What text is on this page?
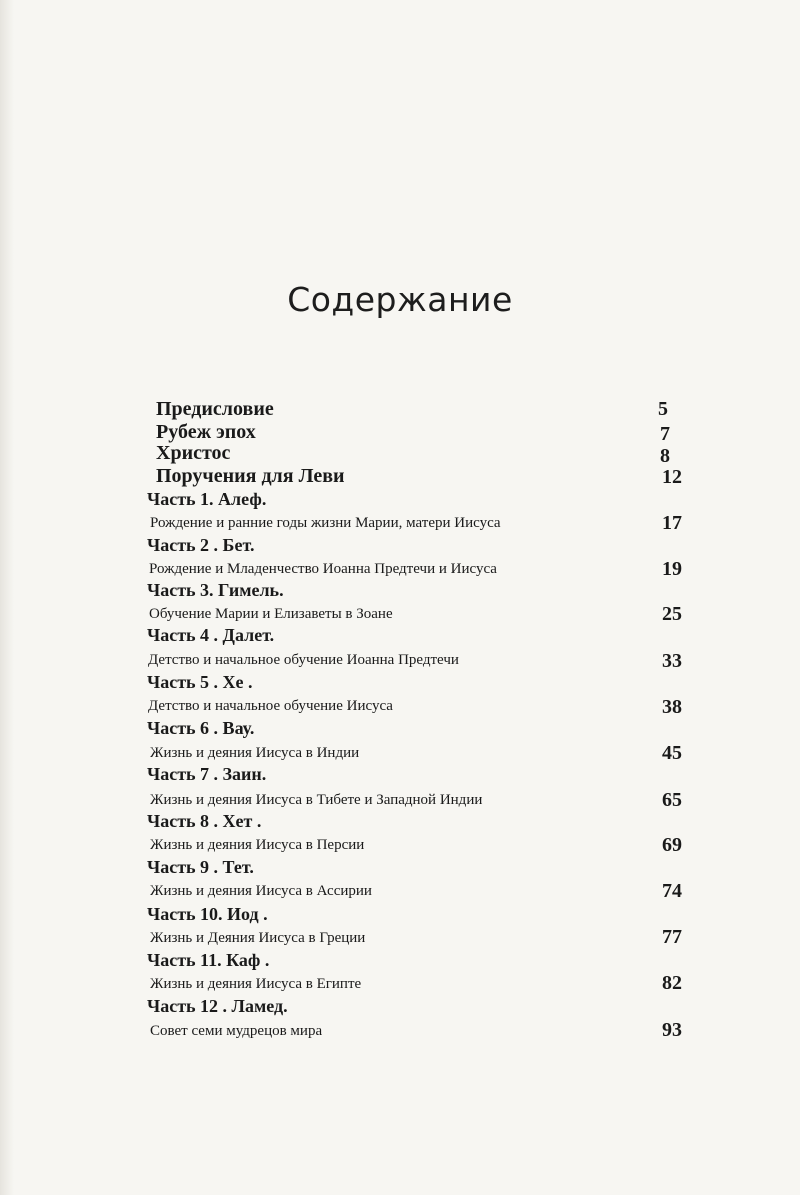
Содержание
Предисловие	5
Рубеж эпох	7
Христос	8
Поручения для Леви	12
Часть 1. Алеф.
Рождение и ранние годы жизни Марии, матери Иисуса	17
Часть 2 . Бет.
Рождение и Младенчество Иоанна Предтечи и Иисуса	19
Часть 3. Гимель.
Обучение Марии и Елизаветы в Зоане	25
Часть 4 . Далет.
Детство и начальное обучение Иоанна Предтечи	33
Часть 5 . Хе .
Детство и начальное обучение Иисуса	38
Часть 6 . Вау.
Жизнь и деяния Иисуса в Индии	45
Часть 7 . Заин.
Жизнь и деяния Иисуса в Тибете и Западной Индии	65
Часть 8 . Хет .
Жизнь и деяния Иисуса в Персии	69
Часть 9 . Тет.
Жизнь и деяния Иисуса в Ассирии	74
Часть 10. Иод .
Жизнь и Деяния Иисуса в Греции	77
Часть 11. Каф .
Жизнь и деяния Иисуса в Египте	82
Часть 12 . Ламед.
Совет семи мудрецов мира	93
